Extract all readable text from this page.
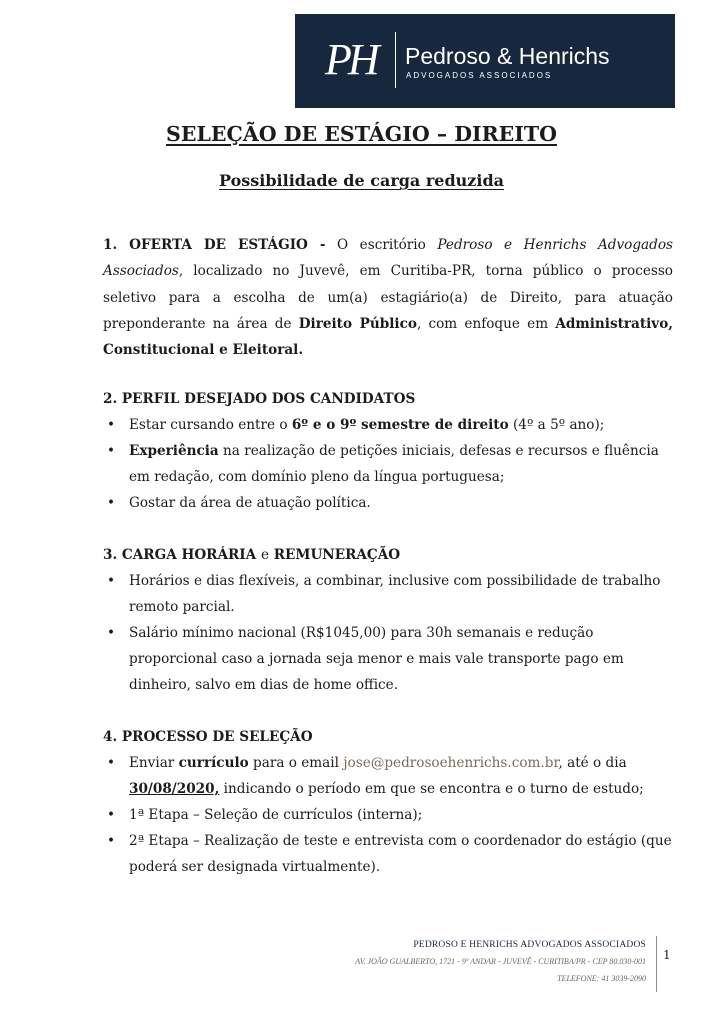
PH Pedroso & Henrichs
ADVOGADOS ASSOCIADOS
SELEÇÃO DE ESTÁGIO – DIREITO
Possibilidade de carga reduzida
1. OFERTA DE ESTÁGIO - O escritório Pedroso e Henrichs Advogados Associados, localizado no Juvevê, em Curitiba-PR, torna público o processo seletivo para a escolha de um(a) estagiário(a) de Direito, para atuação preponderante na área de Direito Público, com enfoque em Administrativo, Constitucional e Eleitoral.
2. PERFIL DESEJADO DOS CANDIDATOS
• Estar cursando entre o 6º e o 9º semestre de direito (4º a 5º ano);
• Experiência na realização de petições iniciais, defesas e recursos e fluência em redação, com domínio pleno da língua portuguesa;
• Gostar da área de atuação política.
3. CARGA HORÁRIA e REMUNERAÇÃO
• Horários e dias flexíveis, a combinar, inclusive com possibilidade de trabalho remoto parcial.
• Salário mínimo nacional (R$1045,00) para 30h semanais e redução proporcional caso a jornada seja menor e mais vale transporte pago em dinheiro, salvo em dias de home office.
4. PROCESSO DE SELEÇÃO
• Enviar currículo para o email jose@pedrosoehenrichs.com.br, até o dia 30/08/2020, indicando o período em que se encontra e o turno de estudo;
• 1ª Etapa – Seleção de currículos (interna);
• 2ª Etapa – Realização de teste e entrevista com o coordenador do estágio (que poderá ser designada virtualmente).
PEDROSO E HENRICHS ADVOGADOS ASSOCIADOS
AV. JOÃO GUALBERTO, 1721 - 9º ANDAR - JUVEVÊ - CURITIBA/PR - CEP 80.030-001
TELEFONE: 41 3039-2090
1
